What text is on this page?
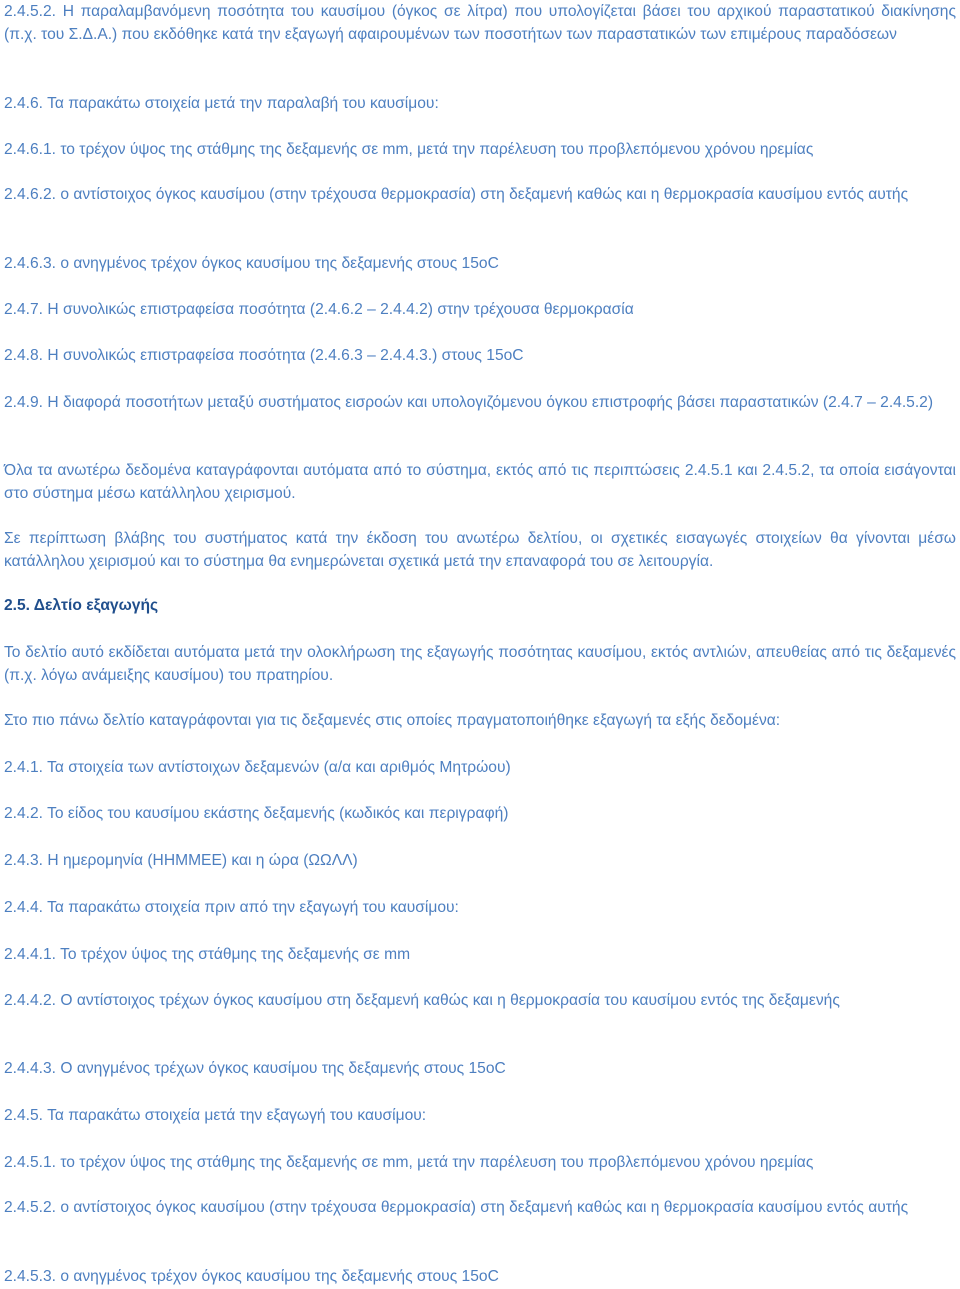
2.4.5.2. Η παραλαμβανόμενη ποσότητα του καυσίμου (όγκος σε λίτρα) που υπολογίζεται βάσει του αρχικού παραστατικού διακίνησης (π.χ. του Σ.Δ.Α.) που εκδόθηκε κατά την εξαγωγή αφαιρουμένων των ποσοτήτων των παραστατικών των επιμέρους παραδόσεων

2.4.6. Τα παρακάτω στοιχεία μετά την παραλαβή του καυσίμου:

2.4.6.1. το τρέχον ύψος της στάθμης της δεξαμενής σε mm, μετά την παρέλευση του προβλεπόμενου χρόνου ηρεμίας

2.4.6.2. ο αντίστοιχος όγκος καυσίμου (στην τρέχουσα θερμοκρασία) στη δεξαμενή καθώς και η θερμοκρασία καυσίμου εντός αυτής

2.4.6.3. ο ανηγμένος τρέχον όγκος καυσίμου της δεξαμενής στους 15oC

2.4.7. Η συνολικώς επιστραφείσα ποσότητα (2.4.6.2 – 2.4.4.2) στην τρέχουσα θερμοκρασία

2.4.8. Η συνολικώς επιστραφείσα ποσότητα (2.4.6.3 – 2.4.4.3.) στους 15oC

2.4.9. Η διαφορά ποσοτήτων μεταξύ συστήματος εισροών και υπολογιζόμενου όγκου επιστροφής βάσει παραστατικών (2.4.7 – 2.4.5.2)

Όλα τα ανωτέρω δεδομένα καταγράφονται αυτόματα από το σύστημα, εκτός από τις περιπτώσεις 2.4.5.1 και 2.4.5.2, τα οποία εισάγονται στο σύστημα μέσω κατάλληλου χειρισμού.

Σε περίπτωση βλάβης του συστήματος κατά την έκδοση του ανωτέρω δελτίου, οι σχετικές εισαγωγές στοιχείων θα γίνονται μέσω κατάλληλου χειρισμού και το σύστημα θα ενημερώνεται σχετικά μετά την επαναφορά του σε λειτουργία.

2.5. Δελτίο εξαγωγής

Το δελτίο αυτό εκδίδεται αυτόματα μετά την ολοκλήρωση της εξαγωγής ποσότητας καυσίμου, εκτός αντλιών, απευθείας από τις δεξαμενές (π.χ. λόγω ανάμειξης καυσίμου) του πρατηρίου.

Στο πιο πάνω δελτίο καταγράφονται για τις δεξαμενές στις οποίες πραγματοποιήθηκε εξαγωγή τα εξής δεδομένα:

2.4.1. Τα στοιχεία των αντίστοιχων δεξαμενών (α/α και αριθμός Μητρώου)

2.4.2. Το είδος του καυσίμου εκάστης δεξαμενής (κωδικός και περιγραφή)

2.4.3. Η ημερομηνία (ΗΗΜΜΕΕ) και η ώρα (ΩΩΛΛ)

2.4.4. Τα παρακάτω στοιχεία πριν από την εξαγωγή του καυσίμου:

2.4.4.1. Το τρέχον ύψος της στάθμης της δεξαμενής σε mm

2.4.4.2. Ο αντίστοιχος τρέχων όγκος καυσίμου στη δεξαμενή καθώς και η θερμοκρασία του καυσίμου εντός της δεξαμενής

2.4.4.3. Ο ανηγμένος τρέχων όγκος καυσίμου της δεξαμενής στους 15oC

2.4.5. Τα παρακάτω στοιχεία μετά την εξαγωγή του καυσίμου:

2.4.5.1. το τρέχον ύψος της στάθμης της δεξαμενής σε mm, μετά την παρέλευση του προβλεπόμενου χρόνου ηρεμίας

2.4.5.2. ο αντίστοιχος όγκος καυσίμου (στην τρέχουσα θερμοκρασία) στη δεξαμενή καθώς και η θερμοκρασία καυσίμου εντός αυτής

2.4.5.3. ο ανηγμένος τρέχον όγκος καυσίμου της δεξαμενής στους 15oC
